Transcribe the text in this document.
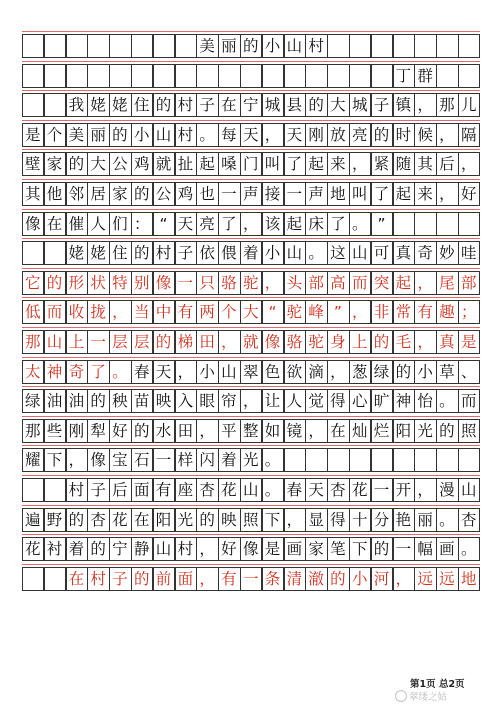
美 丽 的 小 山 村
丁 群
我 姥 姥 住 的 村 子 在 宁 城 县 的 大 城 子 镇 ， 那 儿
是 个 美 丽 的 小 山 村 。 每 天 ， 天 刚 放 亮 的 时 候 ， 隔
壁 家 的 大 公 鸡 就 扯 起 嗓 门 叫 了 起 来 ， 紧 随 其 后 ，
其 他 邻 居 家 的 公 鸡 也 一 声 接 一 声 地 叫 了 起 来 ， 好
像 在 催 人 们 ： “ 天 亮 了 ， 该 起 床 了 。 ”
姥 姥 住 的 村 子 依 偎 着 小 山 。 这 山 可 真 奇 妙 哇
它 的 形 状 特 别 像 一 只 骆 驼 ， 头 部 高 而 突 起 ， 尾 部
低 而 收 拢 ， 当 中 有 两 个 大 “ 驼 峰 ” ， 非 常 有 趣 ；
那 山 上 一 层 层 的 梯 田 ， 就 像 骆 驼 身 上 的 毛 ， 真 是
太 神 奇 了 。 春 天 ， 小 山 翠 色 欲 滴 ， 葱 绿 的 小 草 、
绿 油 油 的 秧 苗 映 入 眼 帘 ， 让 人 觉 得 心 旷 神 怡 。 而
那 些 刚 犁 好 的 水 田 ， 平 整 如 镜 ， 在 灿 烂 阳 光 的 照
耀 下 ， 像 宝 石 一 样 闪 着 光 。
村 子 后 面 有 座 杏 花 山 。 春 天 杏 花 一 开 ， 漫 山
遍 野 的 杏 花 在 阳 光 的 映 照 下 ， 显 得 十 分 艳 丽 。 杏
花 衬 着 的 宁 静 山 村 ， 好 像 是 画 家 笔 下 的 一 幅 画 。
在 村 子 的 前 面 ， 有 一 条 清 澈 的 小 河 ， 远 远 地
第1页 总2页
翠缕之姑
